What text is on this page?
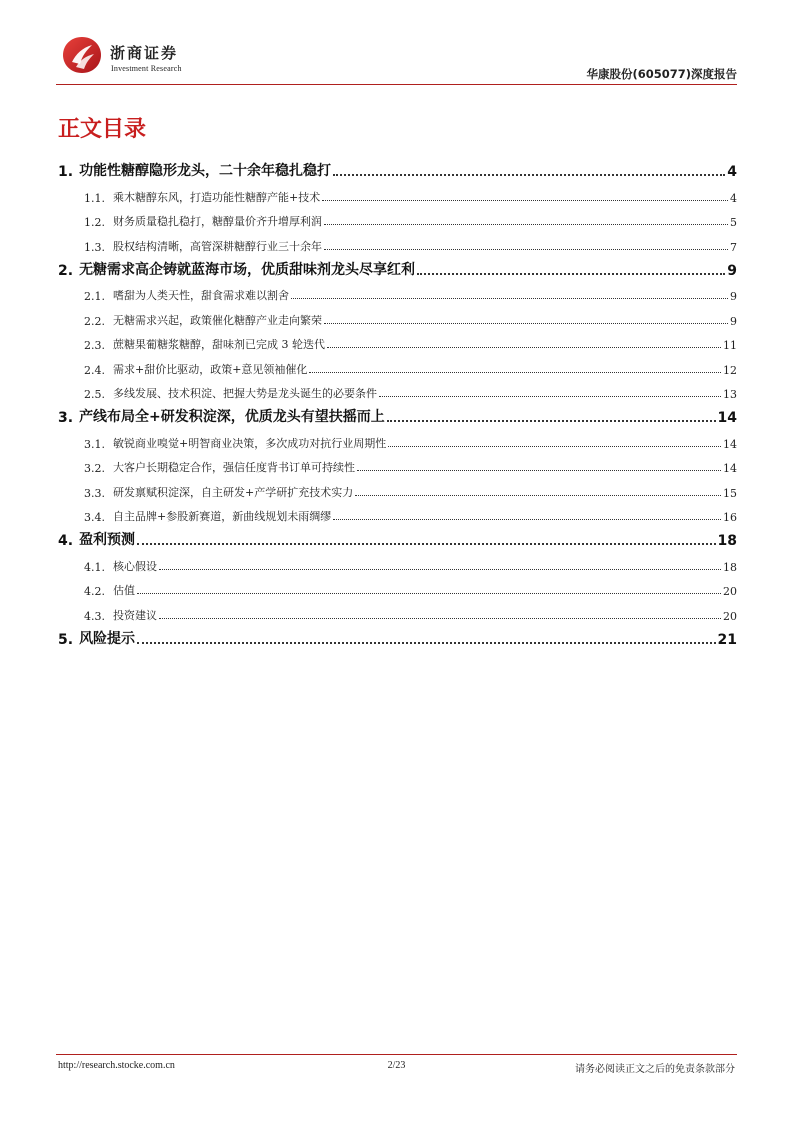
浙商证券
Investment Research	华康股份(605077)深度报告
正文目录
1. 功能性糖醇隐形龙头，二十余年稳扎稳打	4
1.1. 乘木糖醇东风，打造功能性糖醇产能+技术	4
1.2. 财务质量稳扎稳打，糖醇量价齐升增厚利润	5
1.3. 股权结构清晰，高管深耕糖醇行业三十余年	7
2. 无糖需求高企铸就蓝海市场，优质甜味剂龙头尽享红利	9
2.1. 嗜甜为人类天性，甜食需求难以割舍	9
2.2. 无糖需求兴起，政策催化糖醇产业走向繁荣	9
2.3. 蔗糖果葡糖浆糖醇，甜味剂已完成 3 轮迭代	11
2.4. 需求+甜价比驱动，政策+意见领袖催化	12
2.5. 多线发展、技术积淀、把握大势是龙头诞生的必要条件	13
3. 产线布局全+研发积淀深，优质龙头有望扶摇而上	14
3.1. 敏锐商业嗅觉+明智商业决策，多次成功对抗行业周期性	14
3.2. 大客户长期稳定合作，强信任度背书订单可持续性	14
3.3. 研发禀赋积淀深，自主研发+产学研扩充技术实力	15
3.4. 自主品牌+参股新赛道，新曲线规划未雨绸缪	16
4. 盈利预测	18
4.1. 核心假设	18
4.2. 估值	20
4.3. 投资建议	20
5. 风险提示	21
http://research.stocke.com.cn	2/23	请务必阅读正文之后的免责条款部分
